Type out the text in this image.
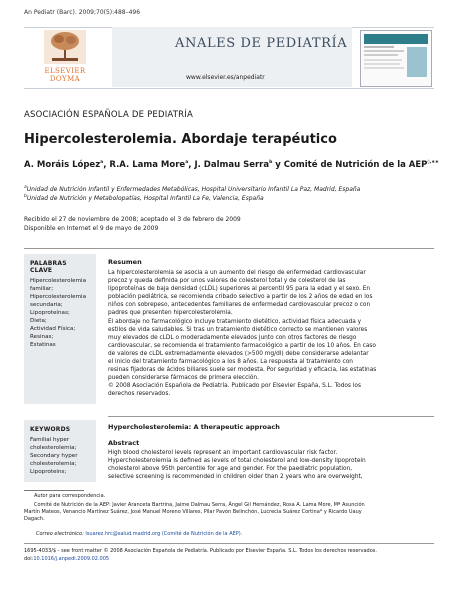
An Pediatr (Barc). 2009;70(5):488–496
ELSEVIER
DOYMA
ANALES DE PEDIATRÍA
www.elsevier.es/anpediatr
ASOCIACIÓN ESPAÑOLA DE PEDIATRÍA
Hipercolesterolemia. Abordaje terapéutico
A. Moráis López$^a$, R.A. Lama More$^a$, J. Dalmau Serra$^b$ y Comité de Nutrición de la AEP◊,∗∗
$^a$Unidad de Nutrición Infantil y Enfermedades Metabólicas, Hospital Universitario Infantil La Paz, Madrid, España
$^b$Unidad de Nutrición y Metabolopatías, Hospital Infantil La Fe, Valencia, España
Recibido el 27 de noviembre de 2008; aceptado el 3 de febrero de 2009
Disponible en Internet el 9 de mayo de 2009
PALABRAS CLAVE
Hipercolesterolemia
familiar;
Hipercolesterolemia
secundaria;
Lipoproteínas;
Dieta;
Actividad Física;
Resinas;
Estatinas
Resumen
La hipercolesterolemia se asocia a un aumento del riesgo de enfermedad cardiovascular
precoz y queda definida por unos valores de colesterol total y de colesterol de las
lipoproteínas de baja densidad (cLDL) superiores al percentil 95 para la edad y el sexo. En
población pediátrica, se recomienda cribado selectivo a partir de los 2 años de edad en los
niños con sobrepeso, antecedentes familiares de enfermedad cardiovascular precoz o con
padres que presenten hipercolesterolemia.
El abordaje no farmacológico incluye tratamiento dietético, actividad física adecuada y
estilos de vida saludables. Si tras un tratamiento dietético correcto se mantienen valores
muy elevados de cLDL o moderadamente elevados junto con otros factores de riesgo
cardiovascular, se recomienda el tratamiento farmacológico a partir de los 10 años. En caso
de valores de cLDL extremadamente elevados (>500 mg/dl) debe considerarse adelantar
el inicio del tratamiento farmacológico a los 8 años. La respuesta al tratamiento con
resinas fijadoras de ácidos biliares suele ser modesta. Por seguridad y eficacia, las estatinas
pueden considerarse fármacos de primera elección.
© 2008 Asociación Española de Pediatría. Publicado por Elsevier España, S.L. Todos los
derechos reservados.
KEYWORDS
Familial hyper
cholesterolemia;
Secondary hyper
cholesterolemia;
Lipoproteins;
Hypercholesterolemia: A therapeutic approach
Abstract
High blood cholesterol levels represent an important cardiovascular risk factor.
Hypercholesterolemia is defined as levels of total cholesterol and low-density lipoprotein
cholesterol above 95th percentile for age and gender. For the paediatric population,
selective screening is recommended in children older than 2 years who are overweight,
Autor para correspondencia.
Comité de Nutrición de la AEP: Javier Aranceta Bartrina, Jaime Dalmau Serra, Ángel Gil Hernández, Rosa A. Lama More, Mª Asunción
Martín Mateos, Venancio Martínez Suárez, José Manuel Moreno Villares, Pilar Pavón Belinchón, Lucrecia Suárez Cortina* y Ricardo Uauy
Dagach.
Correo electrónico: lsuarez.hrc@salud.madrid.org (Comité de Nutrición de la AEP).
1695-4033/$ - see front matter © 2008 Asociación Española de Pediatría. Publicado por Elsevier España. S.L. Todos los derechos reservados.
doi:10.1016/j.anpedi.2009.02.005
